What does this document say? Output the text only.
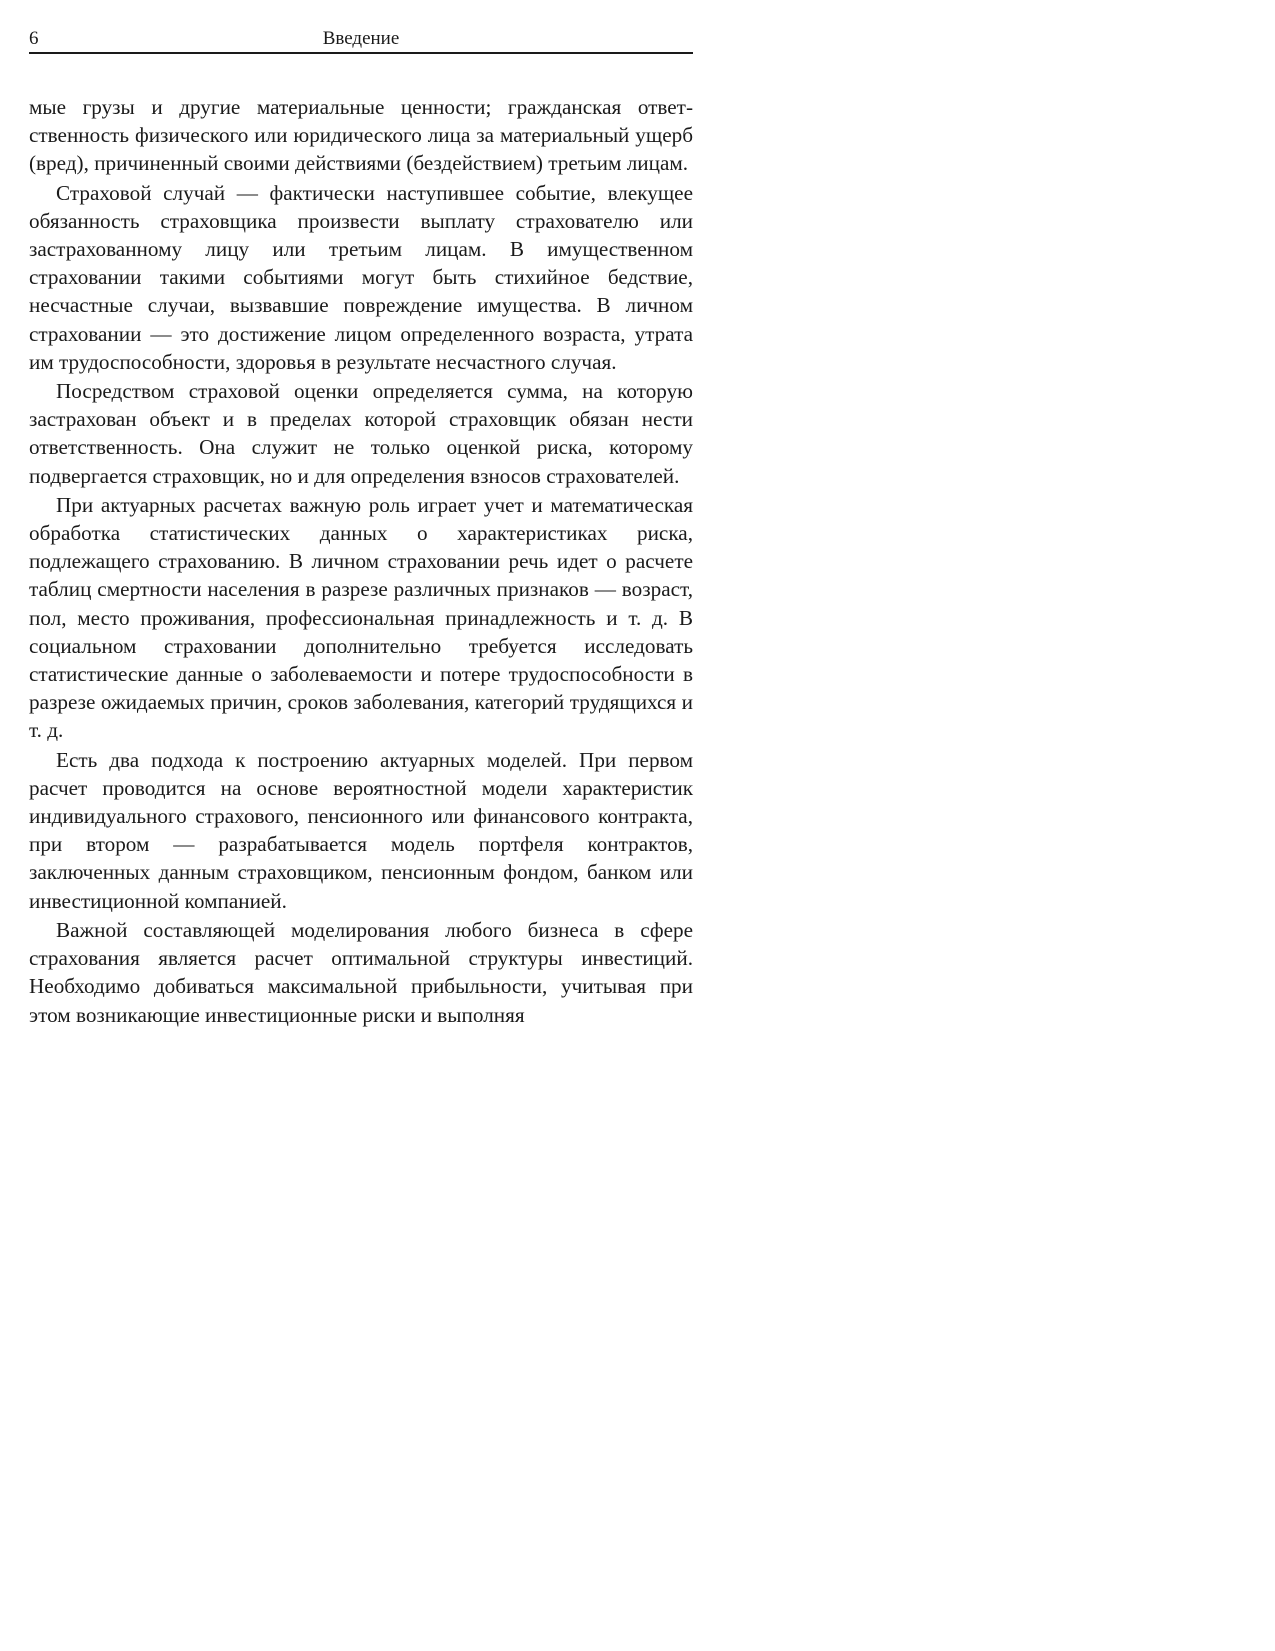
6	Введение

мые грузы и другие материальные ценности; гражданская ответственность физического или юридического лица за материальный ущерб (вред), причиненный своими действиями (бездействием) третьим лицам.

Страховой случай — фактически наступившее событие, влекущее обязанность страховщика произвести выплату страхователю или застрахованному лицу или третьим лицам. В имущественном страховании такими событиями могут быть стихийное бедствие, несчастные случаи, вызвавшие повреждение имущества. В личном страховании — это достижение лицом определенного возраста, утрата им трудоспособности, здоровья в результате несчастного случая.

Посредством страховой оценки определяется сумма, на которую застрахован объект и в пределах которой страховщик обязан нести ответственность. Она служит не только оценкой риска, которому подвергается страховщик, но и для определения взносов страхователей.

При актуарных расчетах важную роль играет учет и математическая обработка статистических данных о характеристиках риска, подлежащего страхованию. В личном страховании речь идет о расчете таблиц смертности населения в разрезе различных признаков — возраст, пол, место проживания, профессиональная принадлежность и т. д. В социальном страховании дополнительно требуется исследовать статистические данные о заболеваемости и потере трудоспособности в разрезе ожидаемых причин, сроков заболевания, категорий трудящихся и т. д.

Есть два подхода к построению актуарных моделей. При первом расчет проводится на основе вероятностной модели характеристик индивидуального страхового, пенсионного или финансового контракта, при втором — разрабатывается модель портфеля контрактов, заключенных данным страховщиком, пенсионным фондом, банком или инвестиционной компанией.

Важной составляющей моделирования любого бизнеса в сфере страхования является расчет оптимальной структуры инвестиций. Необходимо добиваться максимальной прибыльности, учитывая при этом возникающие инвестиционные риски и выполняя
